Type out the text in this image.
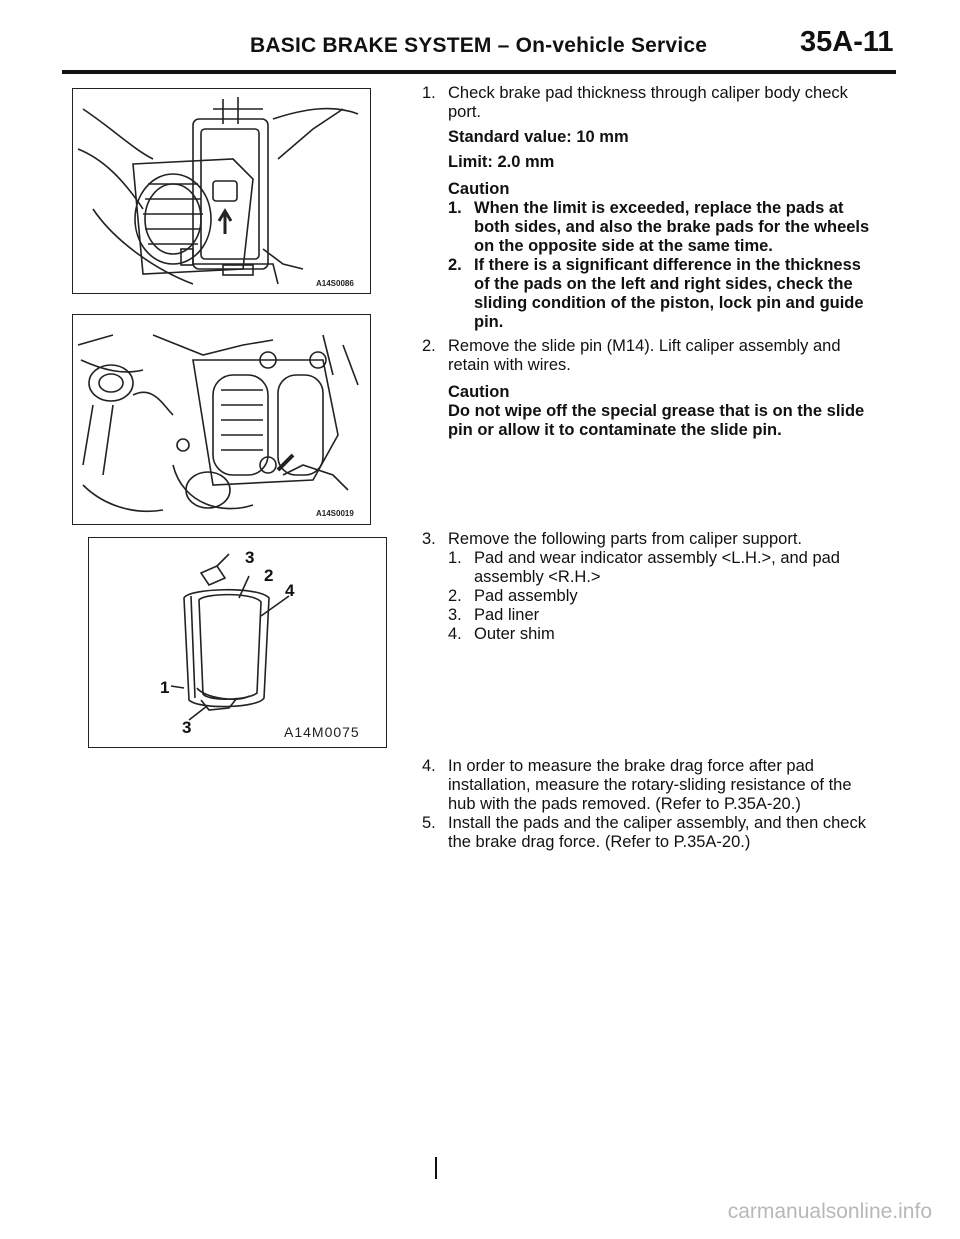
BASIC BRAKE SYSTEM – On-vehicle Service	35A-11
A14S0086
A14S0019
3
2
4
1
3	A14M0075
1. Check brake pad thickness through caliper body check
port.
Standard value: 10 mm
Limit: 2.0 mm
Caution
1. When the limit is exceeded, replace the pads at
both sides, and also the brake pads for the wheels
on the opposite side at the same time.
2. If there is a significant difference in the thickness
of the pads on the left and right sides, check the
sliding condition of the piston, lock pin and guide
pin.
2. Remove the slide pin (M14). Lift caliper assembly and
retain with wires.
Caution
Do not wipe off the special grease that is on the slide
pin or allow it to contaminate the slide pin.
3. Remove the following parts from caliper support.
1. Pad and wear indicator assembly <L.H.>, and pad
assembly <R.H.>
2. Pad assembly
3. Pad liner
4. Outer shim
4. In order to measure the brake drag force after pad
installation, measure the rotary-sliding resistance of the
hub with the pads removed. (Refer to P.35A-20.)
5. Install the pads and the caliper assembly, and then check
the brake drag force. (Refer to P.35A-20.)
carmanualsonline.info
